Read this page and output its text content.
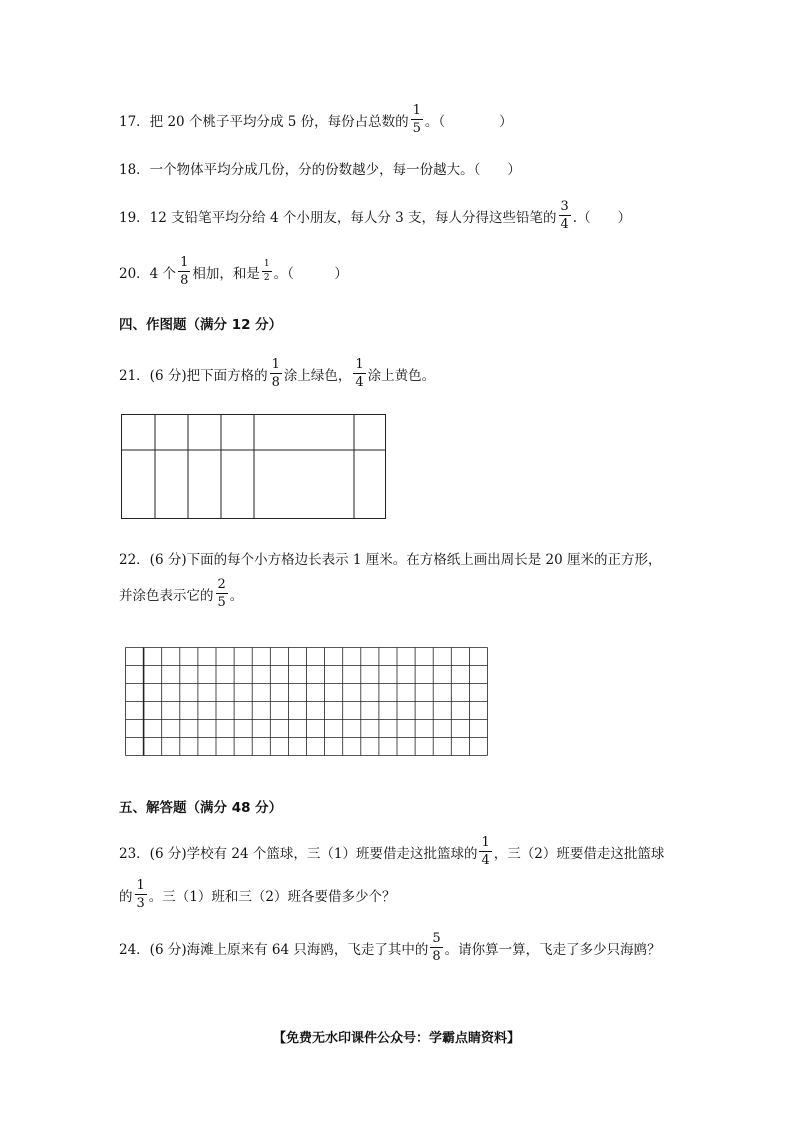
17．把 20 个桃子平均分成 5 份，每份占总数的 $\frac{1}{5}$ 。（　　　　）
18．一个物体平均分成几份，分的份数越少，每一份越大。（　　）
19．12 支铅笔平均分给 4 个小朋友，每人分 3 支，每人分得这些铅笔的 $\frac{3}{4}$ .（　　）
20．4 个 $\frac{1}{8}$ 相加，和是 $\frac{1}{2}$ 。（　　　）
四、作图题（满分 12 分）
21．(6 分)把下面方格的 $\frac{1}{8}$ 涂上绿色， $\frac{1}{4}$ 涂上黄色。
22．(6 分)下面的每个小方格边长表示 1 厘米。在方格纸上画出周长是 20 厘米的正方形，
并涂色表示它的 $\frac{2}{5}$ 。
五、解答题（满分 48 分）
23．(6 分)学校有 24 个篮球，三（1）班要借走这批篮球的 $\frac{1}{4}$ ，三（2）班要借走这批篮球
的 $\frac{1}{3}$ 。三（1）班和三（2）班各要借多少个？
24．(6 分)海滩上原来有 64 只海鸥，飞走了其中的 $\frac{5}{8}$ 。请你算一算，飞走了多少只海鸥？
【免费无水印课件公众号：学霸点睛资料】
